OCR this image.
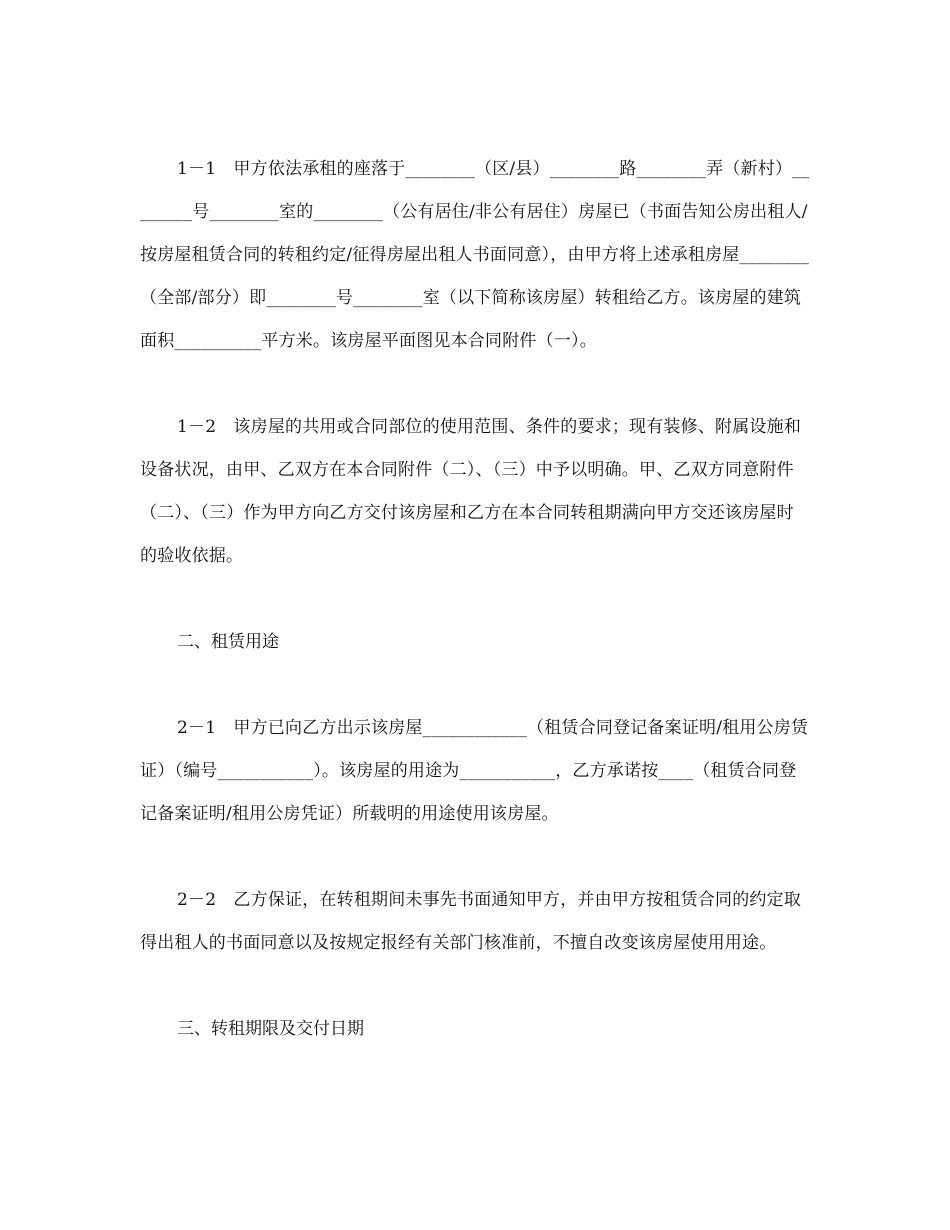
1－1　甲方依法承租的座落于________（区/县）________路________弄（新村）________号________室的________（公有居住/非公有居住）房屋已（书面告知公房出租人/按房屋租赁合同的转租约定/征得房屋出租人书面同意），由甲方将上述承租房屋________（全部/部分）即________号________室（以下简称该房屋）转租给乙方。该房屋的建筑面积__________平方米。该房屋平面图见本合同附件（一）。

1－2　该房屋的共用或合同部位的使用范围、条件的要求；现有装修、附属设施和设备状况，由甲、乙双方在本合同附件（二）、（三）中予以明确。甲、乙双方同意附件（二）、（三）作为甲方向乙方交付该房屋和乙方在本合同转租期满向甲方交还该房屋时的验收依据。

二、租赁用途

2－1　甲方已向乙方出示该房屋____________（租赁合同登记备案证明/租用公房赁证）（编号___________）。该房屋的用途为___________，乙方承诺按____（租赁合同登记备案证明/租用公房凭证）所载明的用途使用该房屋。

2－2　乙方保证，在转租期间未事先书面通知甲方，并由甲方按租赁合同的约定取得出租人的书面同意以及按规定报经有关部门核准前，不擅自改变该房屋使用用途。

三、转租期限及交付日期
